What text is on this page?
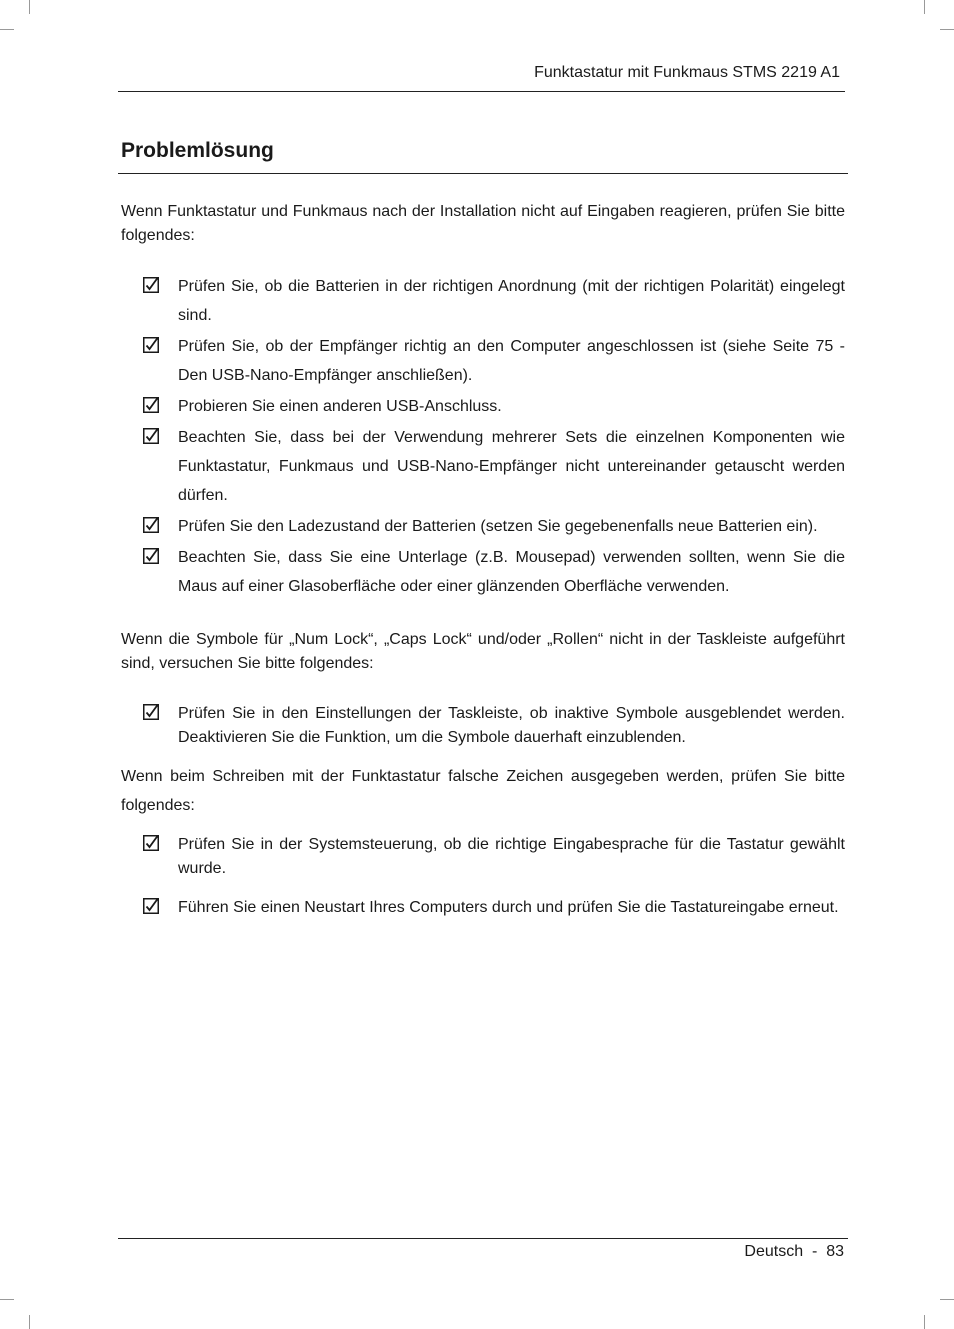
Funktastatur mit Funkmaus STMS 2219 A1
Problemlösung

Wenn Funktastatur und Funkmaus nach der Installation nicht auf Eingaben reagieren, prüfen Sie bitte folgendes:

Prüfen Sie, ob die Batterien in der richtigen Anordnung (mit der richtigen Polarität) eingelegt sind.
Prüfen Sie, ob der Empfänger richtig an den Computer angeschlossen ist (siehe Seite 75 - Den USB-Nano-Empfänger anschließen).
Probieren Sie einen anderen USB-Anschluss.
Beachten Sie, dass bei der Verwendung mehrerer Sets die einzelnen Komponenten wie Funktastatur, Funkmaus und USB-Nano-Empfänger nicht untereinander getauscht werden dürfen.
Prüfen Sie den Ladezustand der Batterien (setzen Sie gegebenenfalls neue Batterien ein).
Beachten Sie, dass Sie eine Unterlage (z.B. Mousepad) verwenden sollten, wenn Sie die Maus auf einer Glasoberfläche oder einer glänzenden Oberfläche verwenden.

Wenn die Symbole für „Num Lock“, „Caps Lock“ und/oder „Rollen“ nicht in der Taskleiste aufgeführt sind, versuchen Sie bitte folgendes:

Prüfen Sie in den Einstellungen der Taskleiste, ob inaktive Symbole ausgeblendet werden. Deaktivieren Sie die Funktion, um die Symbole dauerhaft einzublenden.

Wenn beim Schreiben mit der Funktastatur falsche Zeichen ausgegeben werden, prüfen Sie bitte folgendes:

Prüfen Sie in der Systemsteuerung, ob die richtige Eingabesprache für die Tastatur gewählt wurde.
Führen Sie einen Neustart Ihres Computers durch und prüfen Sie die Tastatureingabe erneut.
Deutsch  -  83
